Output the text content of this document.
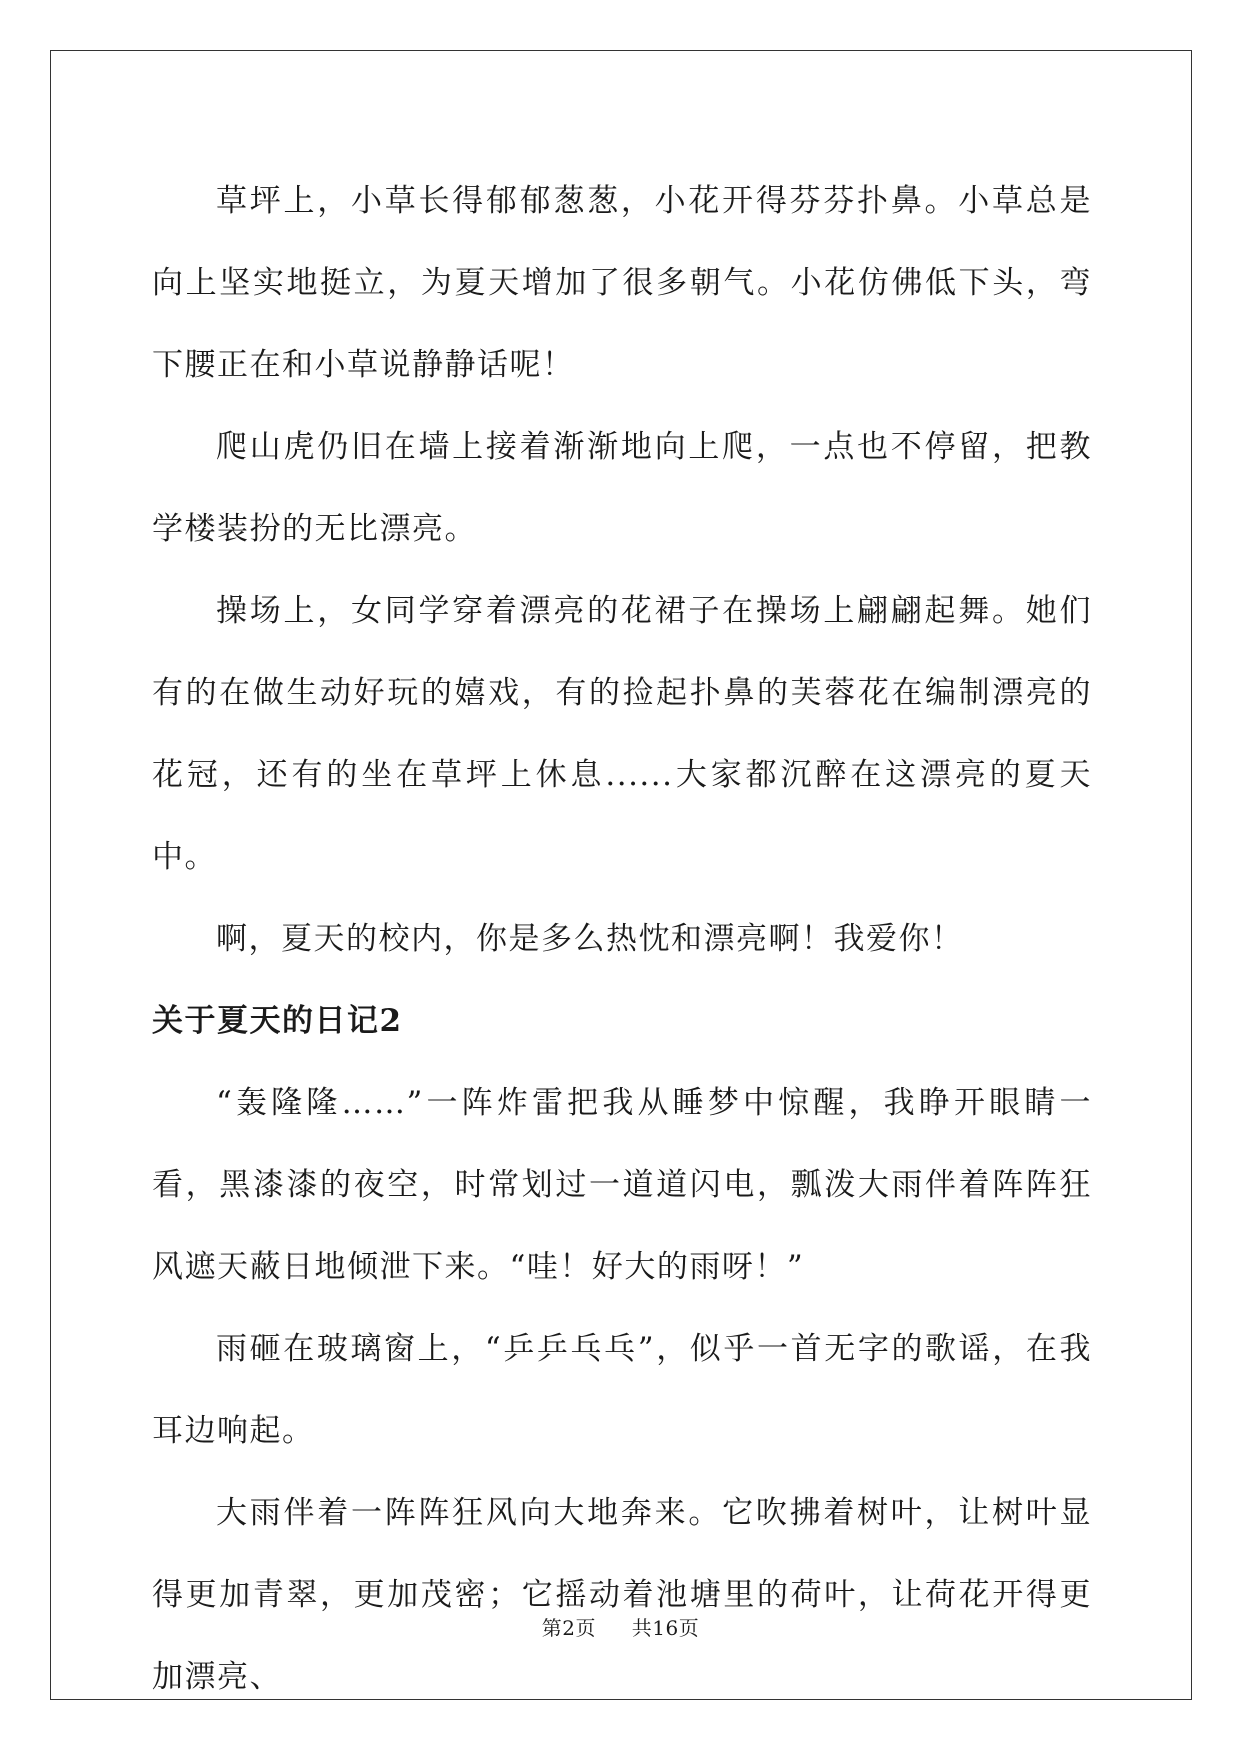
草坪上，小草长得郁郁葱葱，小花开得芬芬扑鼻。小草总是向上坚实地挺立，为夏天增加了很多朝气。小花仿佛低下头，弯下腰正在和小草说静静话呢！

爬山虎仍旧在墙上接着渐渐地向上爬，一点也不停留，把教学楼装扮的无比漂亮。

操场上，女同学穿着漂亮的花裙子在操场上翩翩起舞。她们有的在做生动好玩的嬉戏，有的捡起扑鼻的芙蓉花在编制漂亮的花冠，还有的坐在草坪上休息......大家都沉醉在这漂亮的夏天中。

啊，夏天的校内，你是多么热忱和漂亮啊！我爱你！

关于夏天的日记2

“轰隆隆……”一阵炸雷把我从睡梦中惊醒，我睁开眼睛一看，黑漆漆的夜空，时常划过一道道闪电，瓢泼大雨伴着阵阵狂风遮天蔽日地倾泄下来。“哇！好大的雨呀！”

雨砸在玻璃窗上，“乒乒乓乓”，似乎一首无字的歌谣，在我耳边响起。

大雨伴着一阵阵狂风向大地奔来。它吹拂着树叶，让树叶显得更加青翠，更加茂密；它摇动着池塘里的荷叶，让荷花开得更加漂亮、

第2页 共16页
